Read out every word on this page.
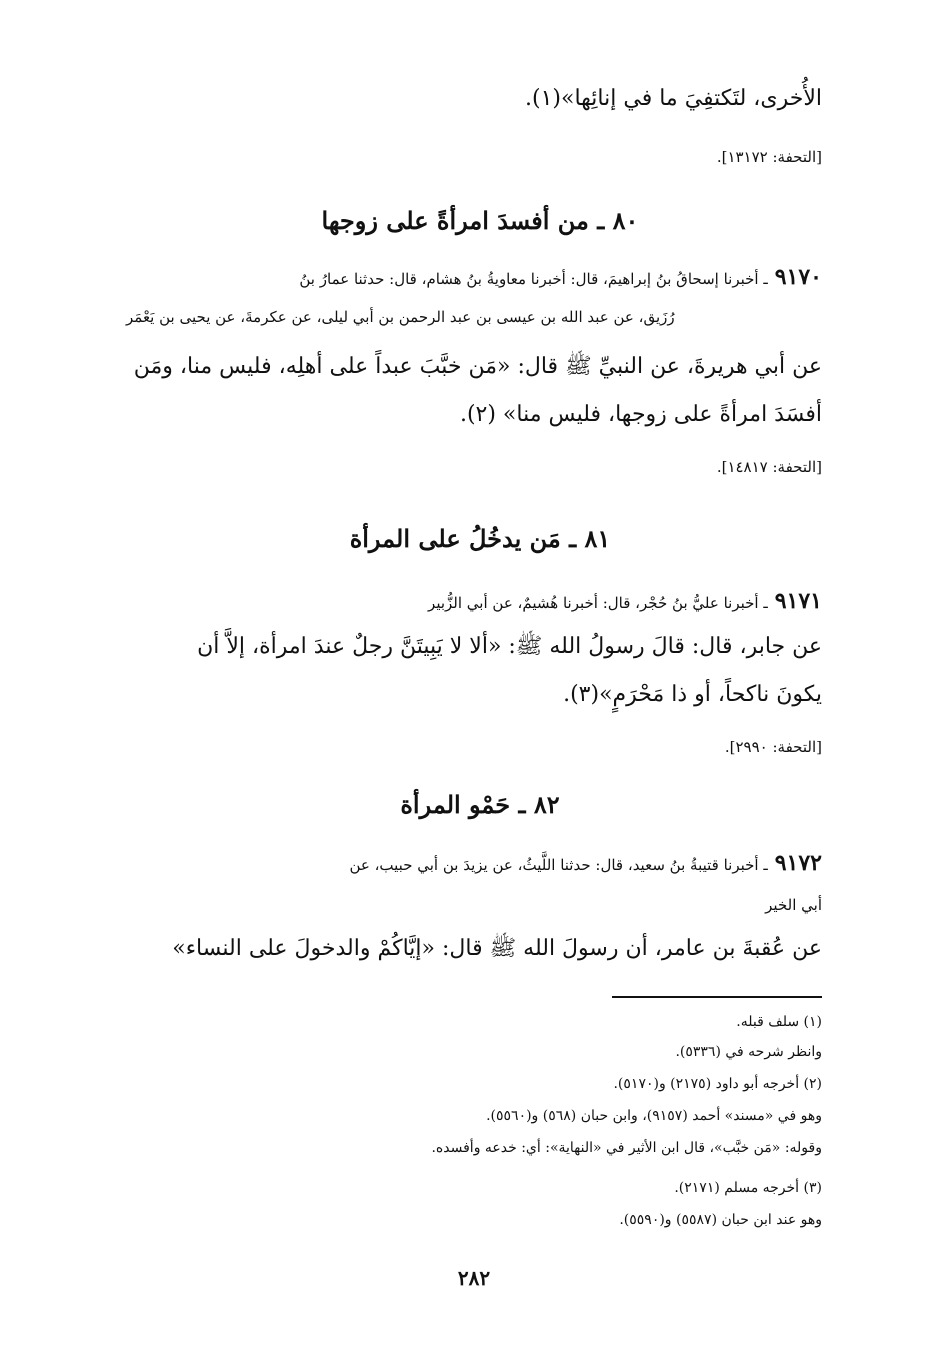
الأُخرى، لتَكتفِيَ ما في إنائِها»(١).
[التحفة: ١٣١٧٢].
٨٠ ـ من أفسدَ امرأةً على زوجها
٩١٧٠ ـ أخبرنا إسحاقُ بنُ إبراهيمَ، قال: أخبرنا معاويةُ بنُ هشام، قال: حدثنا عمارُ بنُ
رُزَيق، عن عبد الله بن عيسى بن عبد الرحمن بن أبي ليلى، عن عكرمةَ، عن يحيى بن يَعْمَر
عن أبي هريرةَ، عن النبيِّ ﷺ قال: «مَن خبَّبَ عبداً على أهلِه، فليس منا، ومَن
أفسَدَ امرأةً على زوجها، فليس منا» (٢).
[التحفة: ١٤٨١٧].
٨١ ـ مَن يدخُلُ على المرأة
٩١٧١ ـ أخبرنا عليُّ بنُ حُجْر، قال: أخبرنا هُشيمٌ، عن أبي الزُّبير
عن جابر، قال: قالَ رسولُ الله ﷺ: «ألا لا يَبِيتَنَّ رجلٌ عندَ امرأة، إلاَّ أن
يكونَ ناكحاً، أو ذا مَحْرَمٍ»(٣).
[التحفة: ٢٩٩٠].
٨٢ ـ حَمْو المرأة
٩١٧٢ ـ أخبرنا قتيبةُ بنُ سعيد، قال: حدثنا اللَّيثُ، عن يزيدَ بن أبي حبيب، عن
أبي الخير
عن عُقبةَ بن عامر، أن رسولَ الله ﷺ قال: «إيَّاكُمْ والدخولَ على النساء»
(١) سلف قبله.
وانظر شرحه في (٥٣٣٦).
(٢) أخرجه أبو داود (٢١٧٥) و(٥١٧٠).
وهو في «مسند» أحمد (٩١٥٧)، وابن حبان (٥٦٨) و(٥٥٦٠).
وقوله: «مَن خبَّب»، قال ابن الأثير في «النهاية»: أي: خدعه وأفسده.
(٣) أخرجه مسلم (٢١٧١).
وهو عند ابن حبان (٥٥٨٧) و(٥٥٩٠).
٢٨٢
